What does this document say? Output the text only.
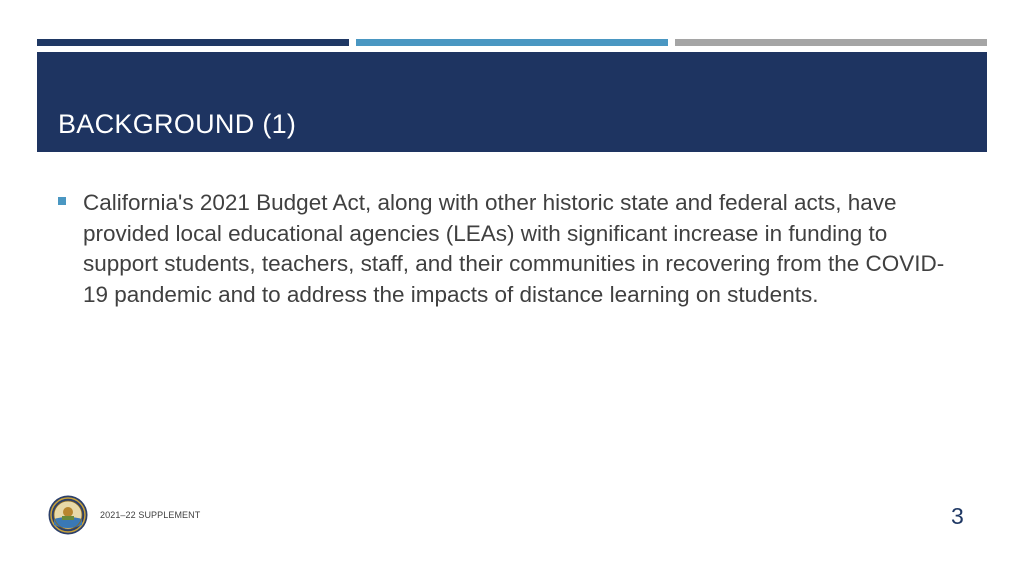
BACKGROUND (1)

California's 2021 Budget Act, along with other historic state and federal acts, have provided local educational agencies (LEAs) with significant increase in funding to support students, teachers, staff, and their communities in recovering from the COVID-19 pandemic and to address the impacts of distance learning on students.

2021–22 SUPPLEMENT	3
